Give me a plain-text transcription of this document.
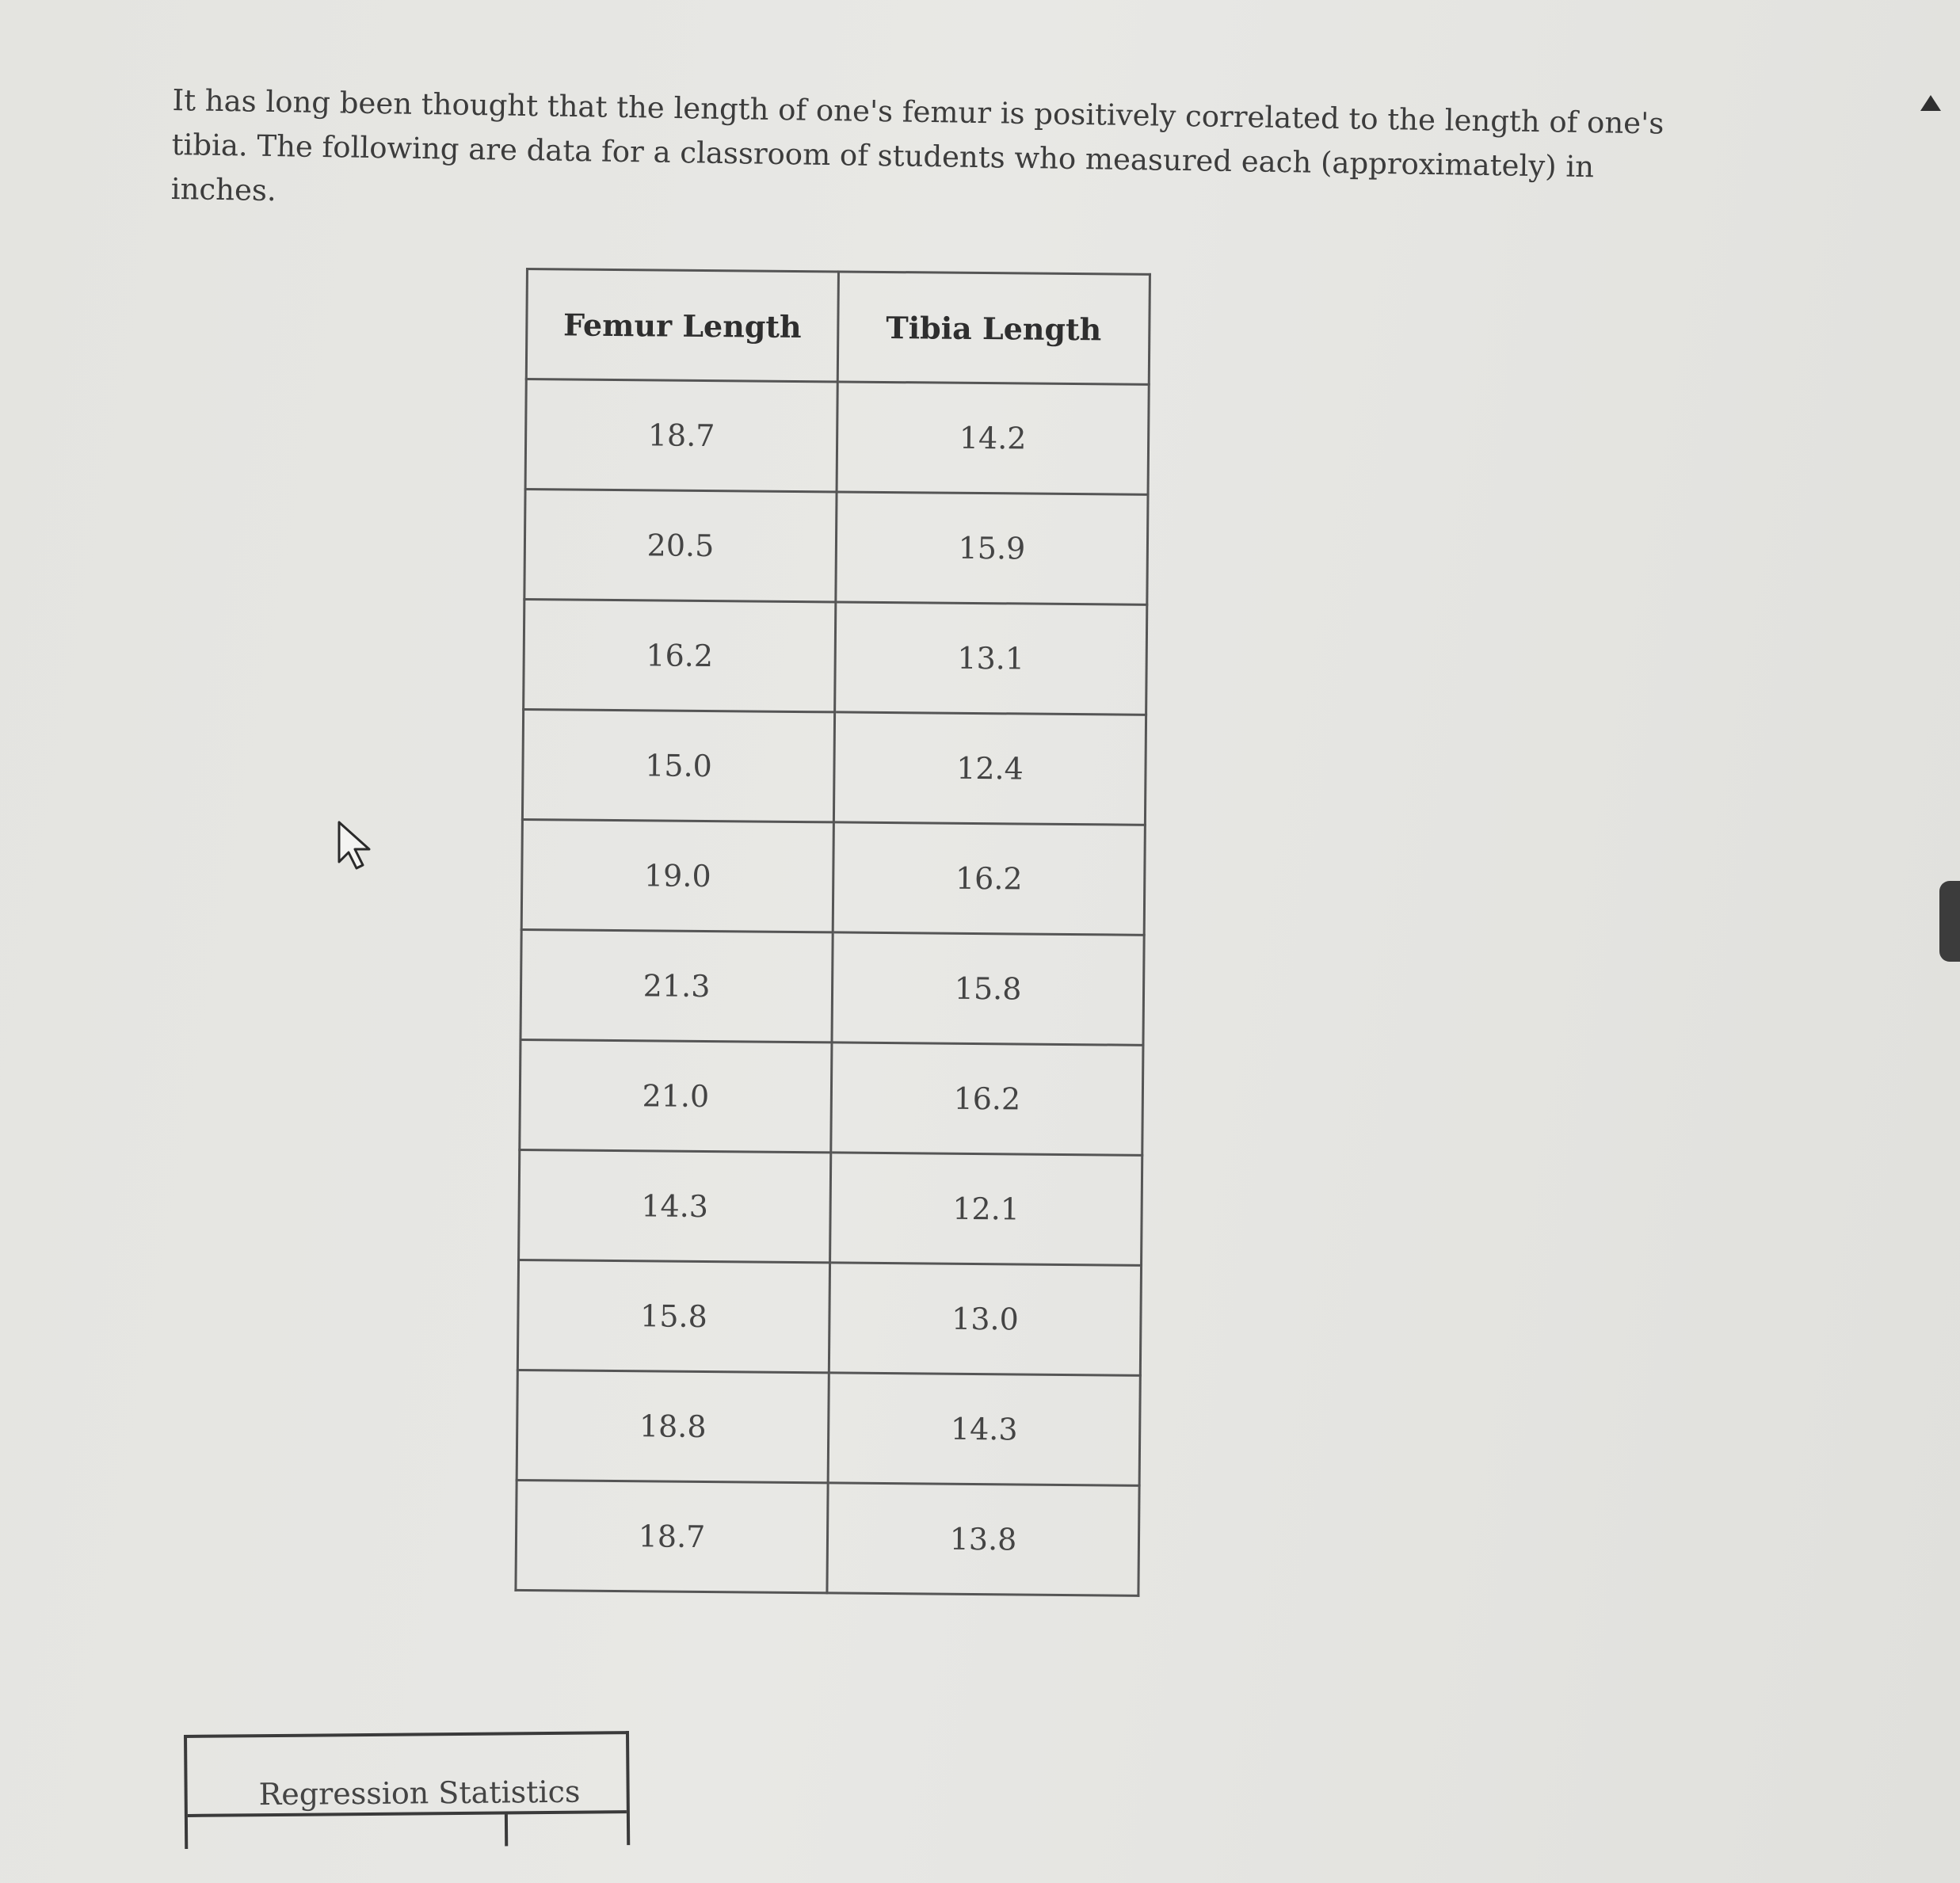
It has long been thought that the length of one's femur is positively correlated to the length of one's tibia. The following are data for a classroom of students who measured each (approximately) in inches.

Femur Length	Tibia Length
18.7	14.2
20.5	15.9
16.2	13.1
15.0	12.4
19.0	16.2
21.3	15.8
21.0	16.2
14.3	12.1
15.8	13.0
18.8	14.3
18.7	13.8
Regression Statistics
